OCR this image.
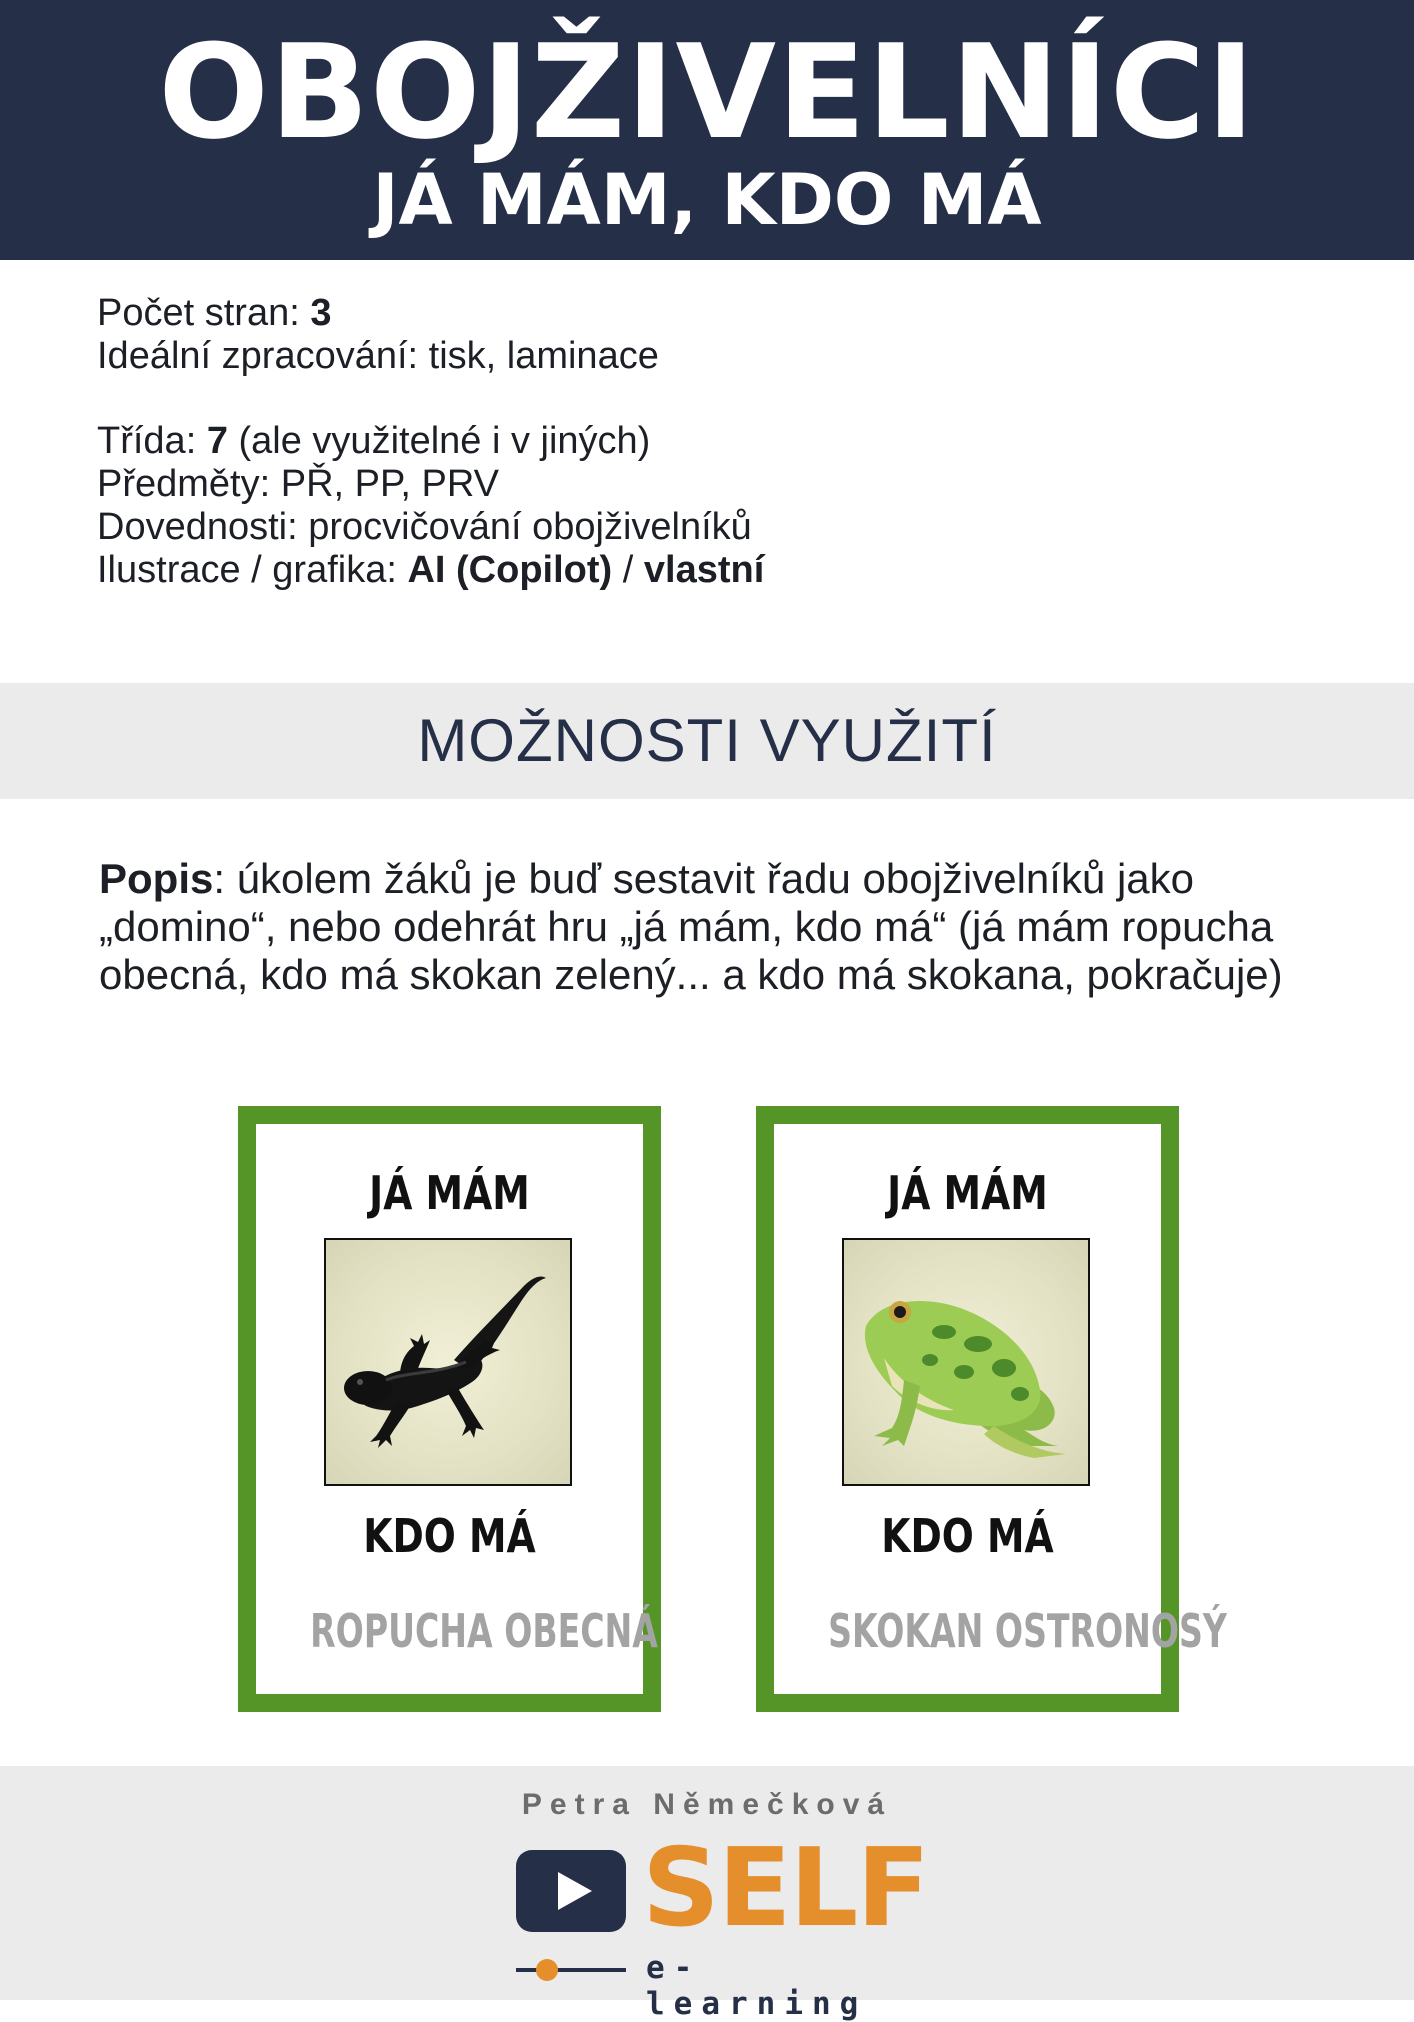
OBOJŽIVELNÍCI
JÁ MÁM, KDO MÁ
Počet stran: 3
Ideální zpracování: tisk, laminace
Třída: 7 (ale využitelné i v jiných)
Předměty: PŘ, PP, PRV
Dovednosti: procvičování obojživelníků
Ilustrace / grafika: AI (Copilot) / vlastní
MOŽNOSTI VYUŽITÍ

Popis: úkolem žáků je buď sestavit řadu obojživelníků jako „domino“, nebo odehrát hru „já mám, kdo má“ (já mám ropucha obecná, kdo má skokan zelený... a kdo má skokana, pokračuje)

JÁ MÁM
KDO MÁ
ROPUCHA OBECNÁ
JÁ MÁM
KDO MÁ
SKOKAN OSTRONOSÝ
Petra Němečková
SELF
e-learning
